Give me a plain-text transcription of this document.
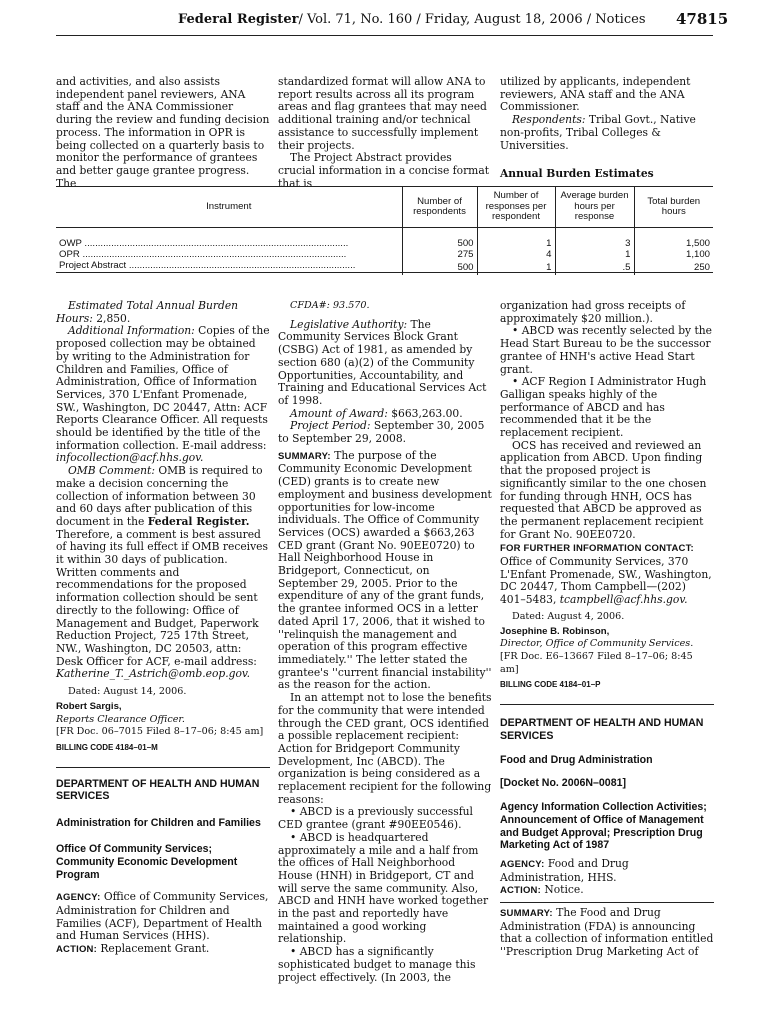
Federal Register/ Vol. 71, No. 160 / Friday, August 18, 2006 / Notices 47815

and activities, and also assists independent panel reviewers, ANA staff and the ANA Commissioner during the review and funding decision process. The information in OPR is being collected on a quarterly basis to monitor the performance of grantees and better gauge grantee progress. The

standardized format will allow ANA to report results across all its program areas and flag grantees that may need additional training and/or technical assistance to successfully implement their projects.

The Project Abstract provides crucial information in a concise format that is

utilized by applicants, independent reviewers, ANA staff and the ANA Commissioner.

Respondents: Tribal Govt., Native non-profits, Tribal Colleges & Universities.

Annual Burden Estimates
Instrument	Number of respondents	Number of responses per respondent	Average burden hours per response	Total burden hours
OWP ...................................................................................................	500	1	3	1,500
OPR ...................................................................................................	275	4	1	1,100
Project Abstract .....................................................................................	500	1	.5	250

Estimated Total Annual Burden Hours: 2,850.

Additional Information: Copies of the proposed collection may be obtained by writing to the Administration for Children and Families, Office of Administration, Office of Information Services, 370 L'Enfant Promenade, SW., Washington, DC 20447, Attn: ACF Reports Clearance Officer. All requests should be identified by the title of the information collection. E-mail address: infocollection@acf.hhs.gov.

OMB Comment: OMB is required to make a decision concerning the collection of information between 30 and 60 days after publication of this document in the Federal Register. Therefore, a comment is best assured of having its full effect if OMB receives it within 30 days of publication. Written comments and recommendations for the proposed information collection should be sent directly to the following: Office of Management and Budget, Paperwork Reduction Project, 725 17th Street, NW., Washington, DC 20503, attn: Desk Officer for ACF, e-mail address: Katherine_T._Astrich@omb.eop.gov.

Dated: August 14, 2006.

Robert Sargis,

Reports Clearance Officer.

[FR Doc. 06–7015 Filed 8–17–06; 8:45 am]

BILLING CODE 4184–01–M

DEPARTMENT OF HEALTH AND HUMAN SERVICES

Administration for Children and Families

Office Of Community Services; Community Economic Development Program

AGENCY: Office of Community Services, Administration for Children and Families (ACF), Department of Health and Human Services (HHS).

ACTION: Replacement Grant.

CFDA#: 93.570.

Legislative Authority: The Community Services Block Grant (CSBG) Act of 1981, as amended by section 680 (a)(2) of the Community Opportunities, Accountability, and Training and Educational Services Act of 1998.

Amount of Award: $663,263.00.

Project Period: September 30, 2005 to September 29, 2008.

SUMMARY: The purpose of the Community Economic Development (CED) grants is to create new employment and business development opportunities for low-income individuals. The Office of Community Services (OCS) awarded a $663,263 CED grant (Grant No. 90EE0720) to Hall Neighborhood House in Bridgeport, Connecticut, on September 29, 2005. Prior to the expenditure of any of the grant funds, the grantee informed OCS in a letter dated April 17, 2006, that it wished to ''relinquish the management and operation of this program effective immediately.'' The letter stated the grantee's ''current financial instability'' as the reason for the action.

In an attempt not to lose the benefits for the community that were intended through the CED grant, OCS identified a possible replacement recipient: Action for Bridgeport Community Development, Inc (ABCD). The organization is being considered as a replacement recipient for the following reasons:

• ABCD is a previously successful CED grantee (grant #90EE0546).

• ABCD is headquartered approximately a mile and a half from the offices of Hall Neighborhood House (HNH) in Bridgeport, CT and will serve the same community. Also, ABCD and HNH have worked together in the past and reportedly have maintained a good working relationship.

• ABCD has a significantly sophisticated budget to manage this project effectively. (In 2003, the

organization had gross receipts of approximately $20 million.).

• ABCD was recently selected by the Head Start Bureau to be the successor grantee of HNH's active Head Start grant.

• ACF Region I Administrator Hugh Galligan speaks highly of the performance of ABCD and has recommended that it be the replacement recipient.

OCS has received and reviewed an application from ABCD. Upon finding that the proposed project is significantly similar to the one chosen for funding through HNH, OCS has requested that ABCD be approved as the permanent replacement recipient for Grant No. 90EE0720.

FOR FURTHER INFORMATION CONTACT:

Office of Community Services, 370 L'Enfant Promenade, SW., Washington, DC 20447, Thom Campbell—(202) 401–5483, tcampbell@acf.hhs.gov.

Dated: August 4, 2006.

Josephine B. Robinson,

Director, Office of Community Services.

[FR Doc. E6–13667 Filed 8–17–06; 8:45 am]

BILLING CODE 4184–01–P

DEPARTMENT OF HEALTH AND HUMAN SERVICES

Food and Drug Administration

[Docket No. 2006N–0081]

Agency Information Collection Activities; Announcement of Office of Management and Budget Approval; Prescription Drug Marketing Act of 1987

AGENCY: Food and Drug Administration, HHS.

ACTION: Notice.

SUMMARY: The Food and Drug Administration (FDA) is announcing that a collection of information entitled ''Prescription Drug Marketing Act of
